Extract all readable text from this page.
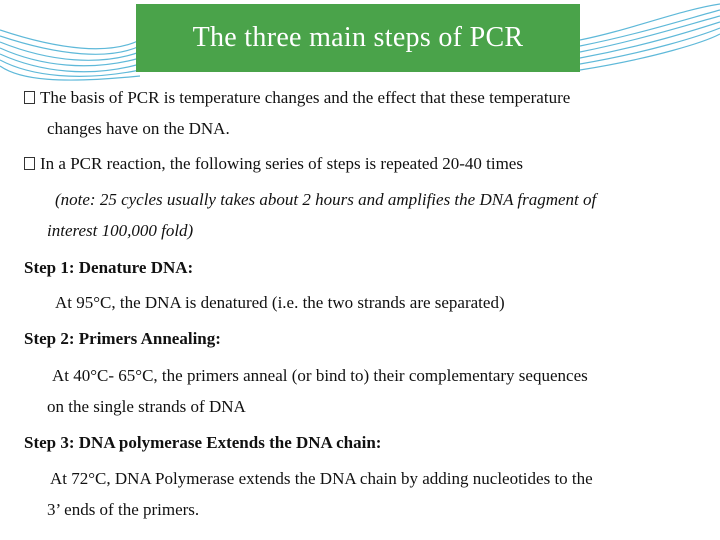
The three main steps of PCR
The basis of PCR is temperature changes and the effect that these temperature
changes have on the DNA.
In a PCR reaction, the following series of steps is repeated 20-40 times
(note: 25 cycles usually takes about 2 hours and amplifies the DNA fragment of
interest 100,000 fold)
Step 1: Denature DNA:
At 95°C, the DNA is denatured (i.e. the two strands are separated)
Step 2: Primers Annealing:
At 40°C- 65°C, the primers anneal (or bind to) their complementary sequences
on the single strands of DNA
Step 3: DNA polymerase Extends the DNA chain:
At 72°C, DNA Polymerase extends the DNA chain by adding nucleotides to the
3’ ends of the primers.
